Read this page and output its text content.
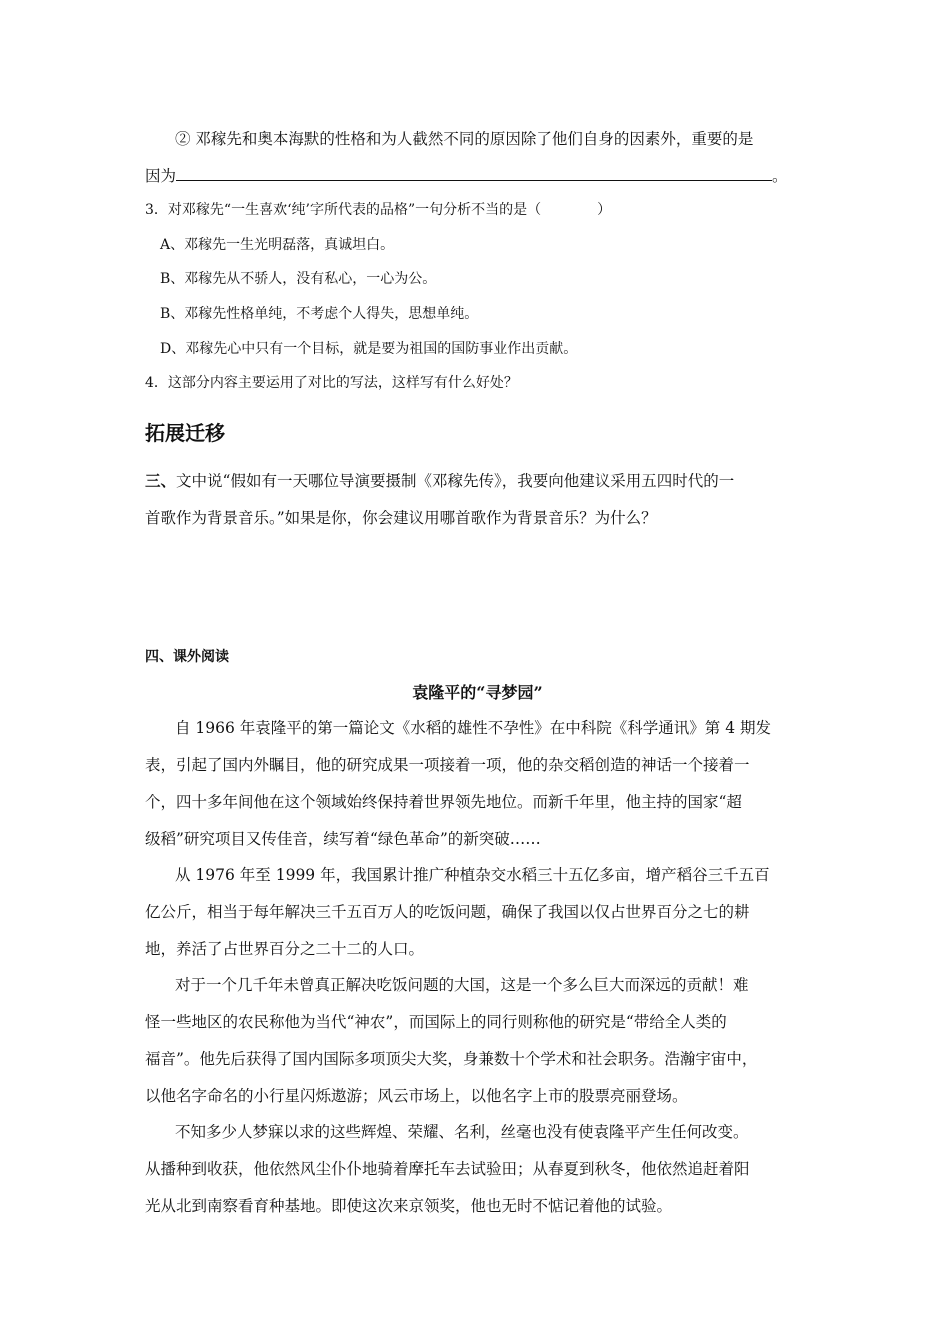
② 邓稼先和奥本海默的性格和为人截然不同的原因除了他们自身的因素外，重要的是
因为	。
3．对邓稼先“一生喜欢‘纯’字所代表的品格”一句分析不当的是（　　　　）
A、邓稼先一生光明磊落，真诚坦白。
B、邓稼先从不骄人，没有私心，一心为公。
B、邓稼先性格单纯，不考虑个人得失，思想单纯。
D、邓稼先心中只有一个目标，就是要为祖国的国防事业作出贡献。
4．这部分内容主要运用了对比的写法，这样写有什么好处？
拓展迁移
三、文中说“假如有一天哪位导演要摄制《邓稼先传》，我要向他建议采用五四时代的一
首歌作为背景音乐。”如果是你，你会建议用哪首歌作为背景音乐？为什么？
四、课外阅读
袁隆平的“寻梦园”
自 1966 年袁隆平的第一篇论文《水稻的雄性不孕性》在中科院《科学通讯》第 4 期发
表，引起了国内外瞩目，他的研究成果一项接着一项，他的杂交稻创造的神话一个接着一
个，四十多年间他在这个领域始终保持着世界领先地位。而新千年里，他主持的国家“超
级稻”研究项目又传佳音，续写着“绿色革命”的新突破……
从 1976 年至 1999 年，我国累计推广种植杂交水稻三十五亿多亩，增产稻谷三千五百
亿公斤，相当于每年解决三千五百万人的吃饭问题，确保了我国以仅占世界百分之七的耕
地，养活了占世界百分之二十二的人口。
对于一个几千年未曾真正解决吃饭问题的大国，这是一个多么巨大而深远的贡献！难
怪一些地区的农民称他为当代“神农”，而国际上的同行则称他的研究是“带给全人类的
福音”。他先后获得了国内国际多项顶尖大奖，身兼数十个学术和社会职务。浩瀚宇宙中，
以他名字命名的小行星闪烁遨游；风云市场上，以他名字上市的股票亮丽登场。
不知多少人梦寐以求的这些辉煌、荣耀、名利，丝毫也没有使袁隆平产生任何改变。
从播种到收获，他依然风尘仆仆地骑着摩托车去试验田；从春夏到秋冬，他依然追赶着阳
光从北到南察看育种基地。即使这次来京领奖，他也无时不惦记着他的试验。
